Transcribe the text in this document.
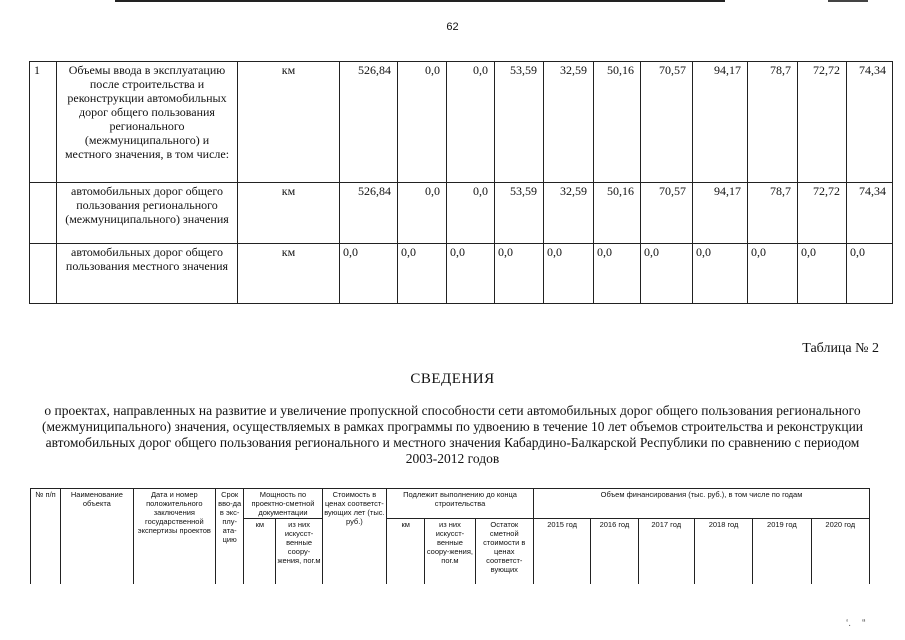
62
1	Объемы ввода в эксплуатацию после строительства и реконструкции автомобильных дорог общего пользования регионального (межмуниципального) и местного значения, в том числе:	км	526,84	0,0	0,0	53,59	32,59	50,16	70,57	94,17	78,7	72,72	74,34
	автомобильных дорог общего пользования регионального (межмуниципального) значения	км	526,84	0,0	0,0	53,59	32,59	50,16	70,57	94,17	78,7	72,72	74,34
	автомобильных дорог общего пользования местного значения	км	0,0	0,0	0,0	0,0	0,0	0,0	0,0	0,0	0,0	0,0	0,0
Таблица № 2
СВЕДЕНИЯ
о проектах, направленных на развитие и увеличение пропускной способности сети автомобильных дорог общего пользования регионального (межмуниципального) значения, осуществляемых в рамках программы по удвоению в течение 10 лет объемов строительства и реконструкции автомобильных дорог общего пользования регионального и местного значения Кабардино-Балкарской Республики по сравнению с периодом 2003-2012 годов
№ п/п	Наименование объекта	Дата и номер положительного заключения государственной экспертизы проектов	Срок вво-да в экс-плу-ата-цию	Мощность по проектно-сметной документации		Стоимость в ценах соответст-вующих лет (тыс. руб.)	Подлежит выполнению до конца строительства			Объем финансирования (тыс. руб.), в том числе по годам					
				км	из них искусст-венные соору-жения, пог.м		км	из них искусст-венные соору-жения, пог.м	Остаток сметной стоимости в ценах соответст-вующих	2015 год	2016 год	2017 год	2018 год	2019 год	2020 год
‘.    “
